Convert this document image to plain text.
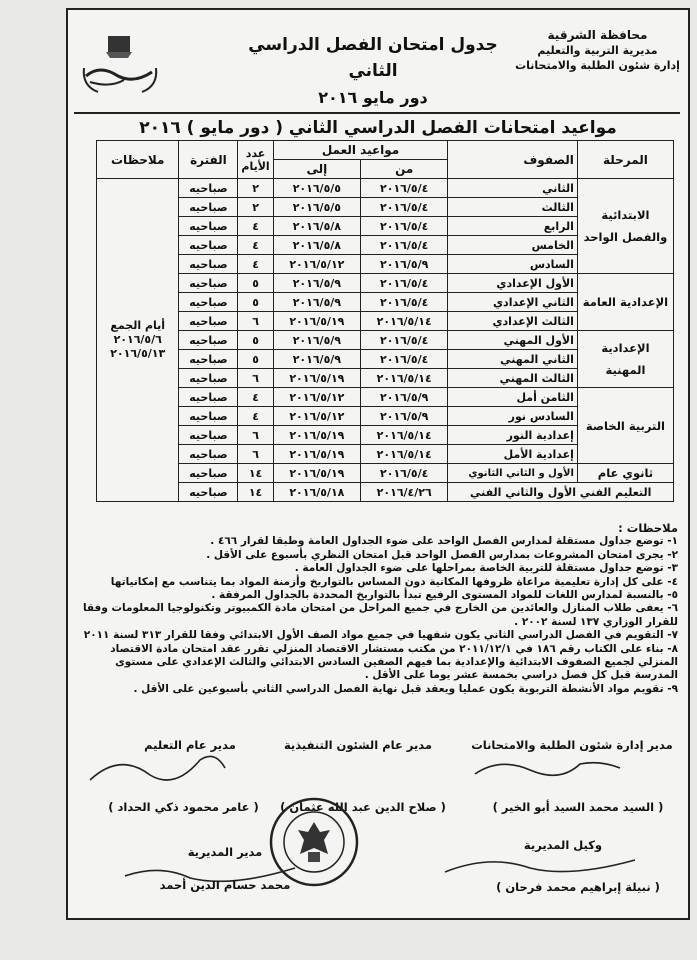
جدول امتحان الفصل الدراسي الثاني
دور مايو ٢٠١٦
محافظة الشرقية
مديرية التربية والتعليم
إدارة شئون الطلبة والامتحانات
مواعيد امتحانات الفصل الدراسي الثاني ( دور مايو ) ٢٠١٦
المرحلة	الصفوف	مواعيد العمل		عدد الأيام	الفترة	ملاحظات
		من	إلى			
الابتدائية والفصل الواحد	الثاني	٢٠١٦/٥/٤	٢٠١٦/٥/٥	٢	صباحيه	أيام الجمع ٢٠١٦/٥/٦ ٢٠١٦/٥/١٣
	الثالث	٢٠١٦/٥/٤	٢٠١٦/٥/٥	٢	صباحيه	
	الرابع	٢٠١٦/٥/٤	٢٠١٦/٥/٨	٤	صباحيه	
	الخامس	٢٠١٦/٥/٤	٢٠١٦/٥/٨	٤	صباحيه	
	السادس	٢٠١٦/٥/٩	٢٠١٦/٥/١٢	٤	صباحيه	
الإعدادية العامة	الأول الإعدادي	٢٠١٦/٥/٤	٢٠١٦/٥/٩	٥	صباحيه	
	الثاني الإعدادي	٢٠١٦/٥/٤	٢٠١٦/٥/٩	٥	صباحيه	
	الثالث الإعدادي	٢٠١٦/٥/١٤	٢٠١٦/٥/١٩	٦	صباحيه	
الإعدادية المهنية	الأول المهني	٢٠١٦/٥/٤	٢٠١٦/٥/٩	٥	صباحيه	
	الثاني المهني	٢٠١٦/٥/٤	٢٠١٦/٥/٩	٥	صباحيه	
	الثالث المهني	٢٠١٦/٥/١٤	٢٠١٦/٥/١٩	٦	صباحيه	
التربية الخاصة	الثامن أمل	٢٠١٦/٥/٩	٢٠١٦/٥/١٢	٤	صباحيه	
	السادس نور	٢٠١٦/٥/٩	٢٠١٦/٥/١٢	٤	صباحيه	
	إعدادية النور	٢٠١٦/٥/١٤	٢٠١٦/٥/١٩	٦	صباحيه	
	إعدادية الأمل	٢٠١٦/٥/١٤	٢٠١٦/٥/١٩	٦	صباحيه	
ثانوي عام	الأول و الثاني الثانوي	٢٠١٦/٥/٤	٢٠١٦/٥/١٩	١٤	صباحيه	
التعليم الفني الأول والثاني الفني		٢٠١٦/٤/٢٦	٢٠١٦/٥/١٨	١٤	صباحيه	
ملاحظات :
١- توضع جداول مستقلة لمدارس الفصل الواحد على ضوء الجداول العامة وطبقا لقرار ٤٦٦ .
٢- يجرى امتحان المشروعات بمدارس الفصل الواحد قبل امتحان النظري بأسبوع على الأقل .
٣- توضع جداول مستقلة للتربية الخاصة بمراحلها على ضوء الجداول العامة .
٤- على كل إدارة تعليمية مراعاة ظروفها المكانية دون المساس بالتواريخ وأزمنة المواد بما يتناسب مع إمكانياتها
٥- بالنسبة لمدارس اللغات للمواد المستوى الرفيع تبدأ بالتواريخ المحددة بالجداول المرفقة .
٦- يعفى طلاب المنازل والعائدين من الخارج في جميع المراحل من امتحان مادة الكمبيوتر وتكنولوجيا المعلومات وفقا للقرار الوزاري ١٣٧ لسنة ٢٠٠٢ .
٧- التقويم في الفصل الدراسي الثاني يكون شفهيا في جميع مواد الصف الأول الابتدائي وفقا للقرار ٣١٣ لسنة ٢٠١١
٨- بناء على الكتاب رقم ١٨٦ في ٢٠١١/١٢/١ من مكتب مستشار الاقتصاد المنزلي تقرر عقد امتحان مادة الاقتصاد المنزلي لجميع الصفوف الابتدائية والإعدادية بما فيهم الصفين السادس الابتدائي والثالث الإعدادي على مستوى المدرسة قبل كل فصل دراسي بخمسة عشر يوما على الأقل .
٩- تقويم مواد الأنشطة التربوية يكون عمليا ويعقد قبل نهاية الفصل الدراسي الثاني بأسبوعين على الأقل .
مدير إدارة شئون الطلبة والامتحانات
مدير عام الشئون التنفيذية
مدير عام التعليم
( السيد محمد السيد أبو الخير )
( صلاح الدين عبد الله عثمان )
( عامر محمود ذكي الحداد )
وكيل المديرية
مدير المديرية
( نبيلة إبراهيم محمد فرحان )
محمد حسام الدين أحمد
